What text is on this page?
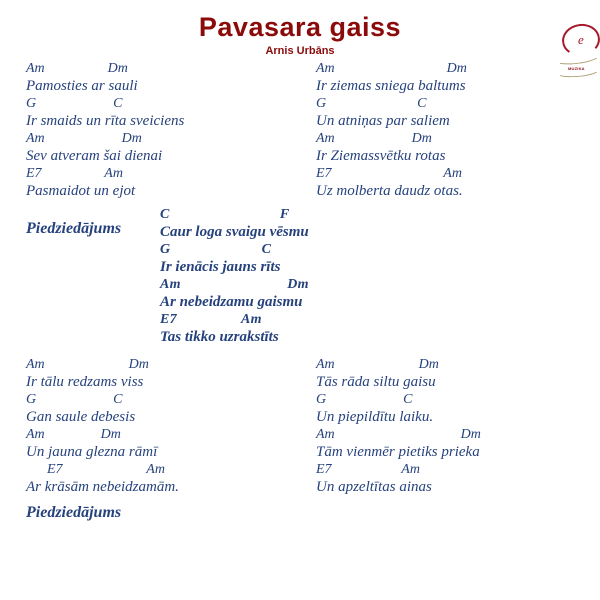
Pavasara gaiss
Arnis Urbāns
e
MUZIKA
Am                  Dm
Pamosties ar sauli
G                      C
Ir smaids un rīta sveiciens
Am                      Dm
Sev atveram šai dienai
E7                  Am
Pasmaidot un ejot
Am                                Dm
Ir ziemas sniega baltums
G                          C
Un atniņas par saliem
Am                      Dm
Ir Ziemassvētku rotas
E7                                Am
Uz molberta daudz otas.
Piedziedājums
C                             F
Caur loga svaigu vēsmu
G                        C
Ir ienācis jauns rīts
Am                            Dm
Ar nebeidzamu gaismu
E7                 Am
Tas tikko uzrakstīts
Am                        Dm
Ir tālu redzams viss
G                      C
Gan saule debesis
Am                Dm
Un jauna glezna rāmī
E7                        Am
Ar krāsām nebeidzamām.
Am                        Dm
Tās rāda siltu gaisu
G                      C
Un piepildītu laiku.
Am                                    Dm
Tām vienmēr pietiks prieka
E7                    Am
Un apzeltītas ainas
Piedziedājums
